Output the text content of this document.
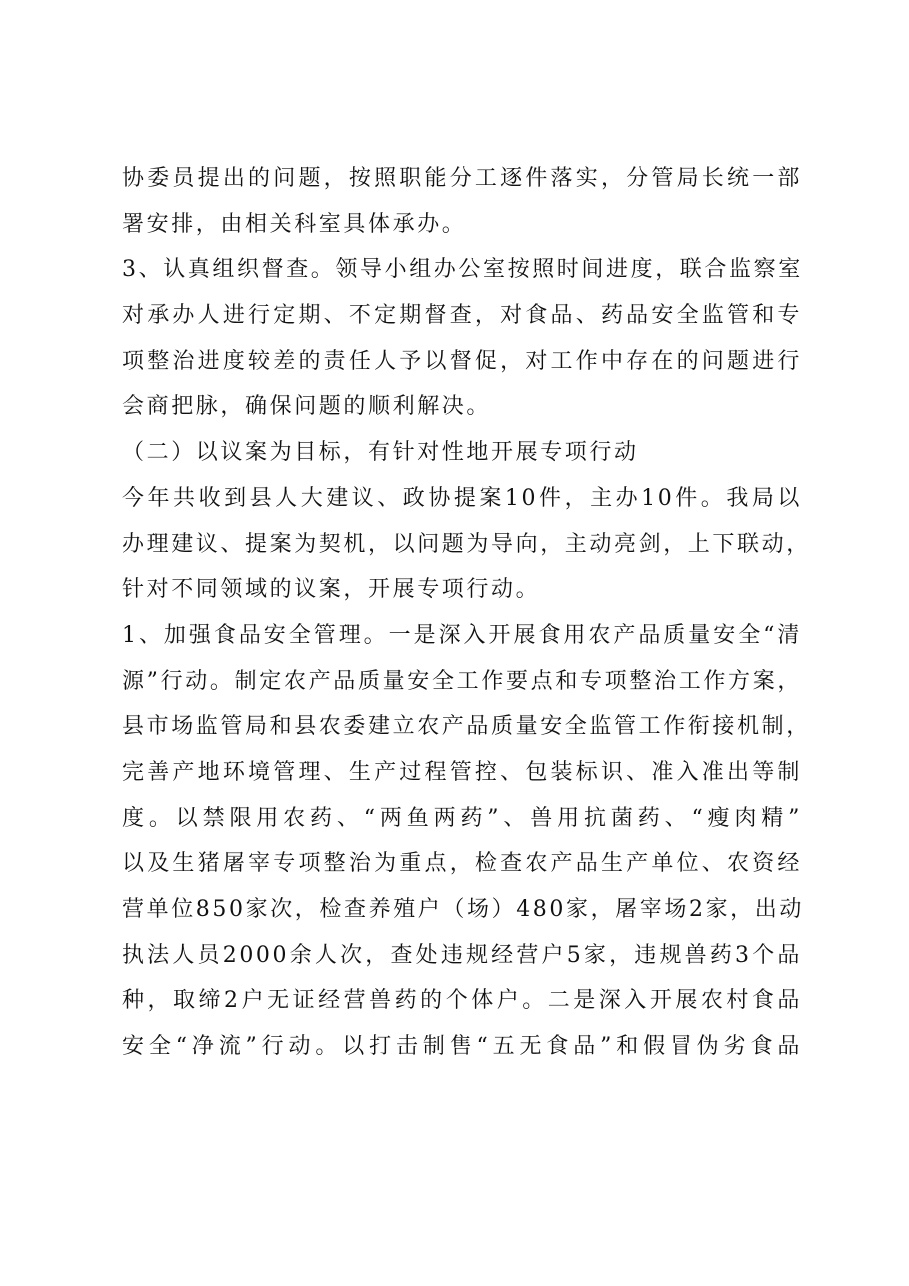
协委员提出的问题，按照职能分工逐件落实，分管局长统一部

署安排，由相关科室具体承办。

3、认真组织督查。领导小组办公室按照时间进度，联合监察室

对承办人进行定期、不定期督查，对食品、药品安全监管和专

项整治进度较差的责任人予以督促，对工作中存在的问题进行

会商把脉，确保问题的顺利解决。

（二）以议案为目标，有针对性地开展专项行动

今年共收到县人大建议、政协提案10件，主办10件。我局以

办理建议、提案为契机，以问题为导向，主动亮剑，上下联动，

针对不同领域的议案，开展专项行动。

1、加强食品安全管理。一是深入开展食用农产品质量安全“清

源”行动。制定农产品质量安全工作要点和专项整治工作方案，

县市场监管局和县农委建立农产品质量安全监管工作衔接机制，

完善产地环境管理、生产过程管控、包装标识、准入准出等制

度。以禁限用农药、“两鱼两药”、兽用抗菌药、“瘦肉精”

以及生猪屠宰专项整治为重点，检查农产品生产单位、农资经

营单位850家次，检查养殖户（场）480家，屠宰场2家，出动

执法人员2000余人次，查处违规经营户5家，违规兽药3个品

种，取缔2户无证经营兽药的个体户。二是深入开展农村食品

安全“净流”行动。以打击制售“五无食品”和假冒伪劣食品
